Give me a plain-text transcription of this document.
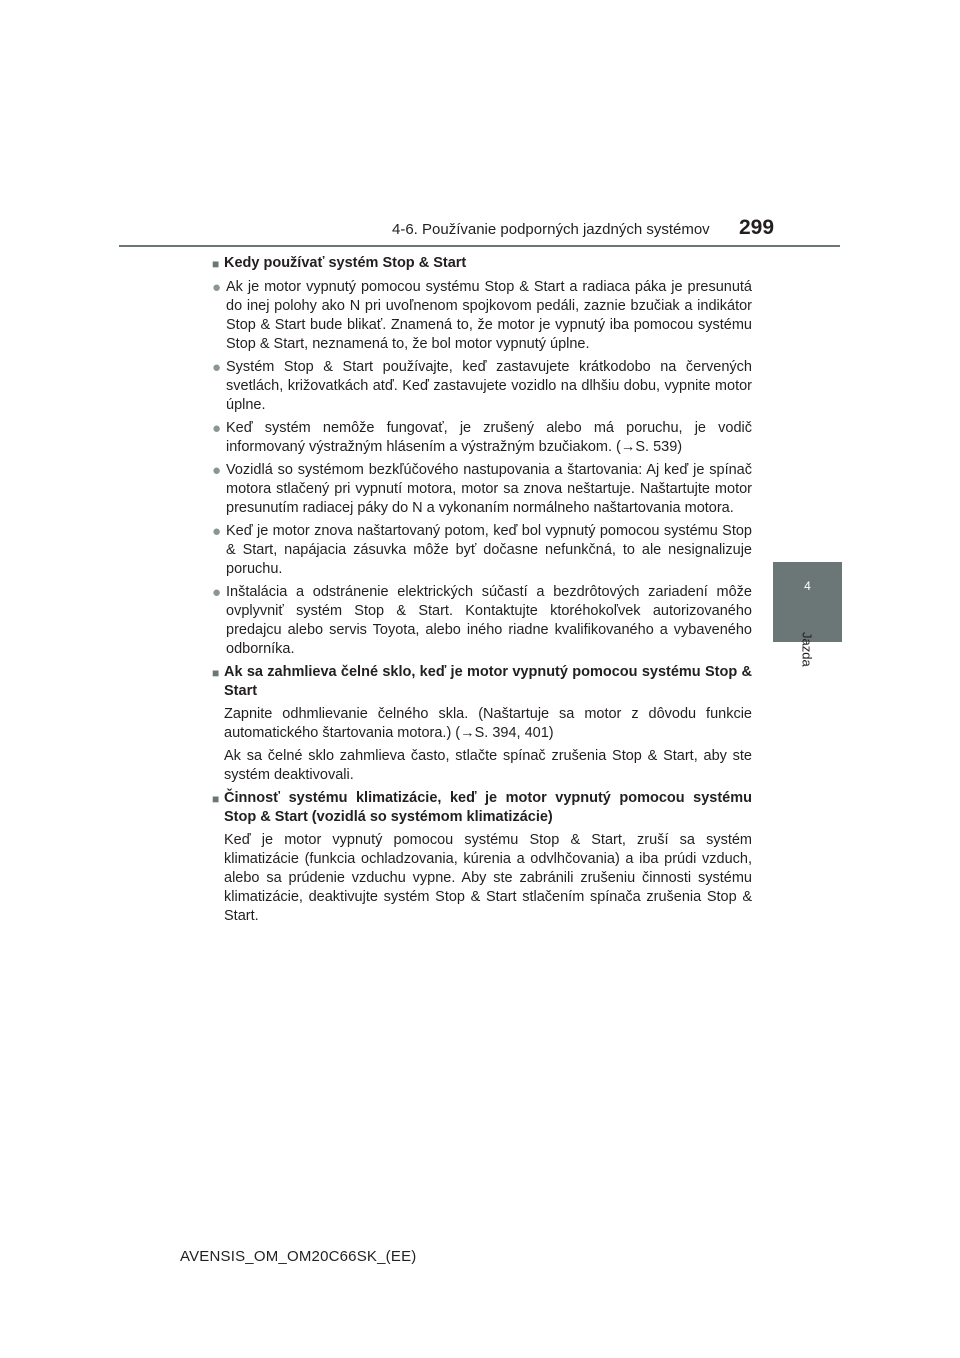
4-6. Používanie podporných jazdných systémov 299
4
Jazda
■ Kedy používať systém Stop & Start
● Ak je motor vypnutý pomocou systému Stop & Start a radiaca páka je presunutá do inej polohy ako N pri uvoľnenom spojkovom pedáli, zaznie bzučiak a indikátor Stop & Start bude blikať. Znamená to, že motor je vypnutý iba pomocou systému Stop & Start, neznamená to, že bol motor vypnutý úplne.
● Systém Stop & Start používajte, keď zastavujete krátkodobo na červených svetlách, križovatkách atď. Keď zastavujete vozidlo na dlhšiu dobu, vypnite motor úplne.
● Keď systém nemôže fungovať, je zrušený alebo má poruchu, je vodič informovaný výstražným hlásením a výstražným bzučiakom. (→S. 539)
● Vozidlá so systémom bezkľúčového nastupovania a štartovania: Aj keď je spínač motora stlačený pri vypnutí motora, motor sa znova neštartuje. Naštartujte motor presunutím radiacej páky do N a vykonaním normálneho naštartovania motora.
● Keď je motor znova naštartovaný potom, keď bol vypnutý pomocou systému Stop & Start, napájacia zásuvka môže byť dočasne nefunkčná, to ale nesignalizuje poruchu.
● Inštalácia a odstránenie elektrických súčastí a bezdrôtových zariadení môže ovplyvniť systém Stop & Start. Kontaktujte ktoréhokoľvek autorizovaného predajcu alebo servis Toyota, alebo iného riadne kvalifikovaného a vybaveného odborníka.
■ Ak sa zahmlieva čelné sklo, keď je motor vypnutý pomocou systému Stop & Start

Zapnite odhmlievanie čelného skla. (Naštartuje sa motor z dôvodu funkcie automatického štartovania motora.) (→S. 394, 401)

Ak sa čelné sklo zahmlieva často, stlačte spínač zrušenia Stop & Start, aby ste systém deaktivovali.

■ Činnosť systému klimatizácie, keď je motor vypnutý pomocou systému Stop & Start (vozidlá so systémom klimatizácie)

Keď je motor vypnutý pomocou systému Stop & Start, zruší sa systém klimatizácie (funkcia ochladzovania, kúrenia a odvlhčovania) a iba prúdi vzduch, alebo sa prúdenie vzduchu vypne. Aby ste zabránili zrušeniu činnosti systému klimatizácie, deaktivujte systém Stop & Start stlačením spínača zrušenia Stop & Start.

AVENSIS_OM_OM20C66SK_(EE)
